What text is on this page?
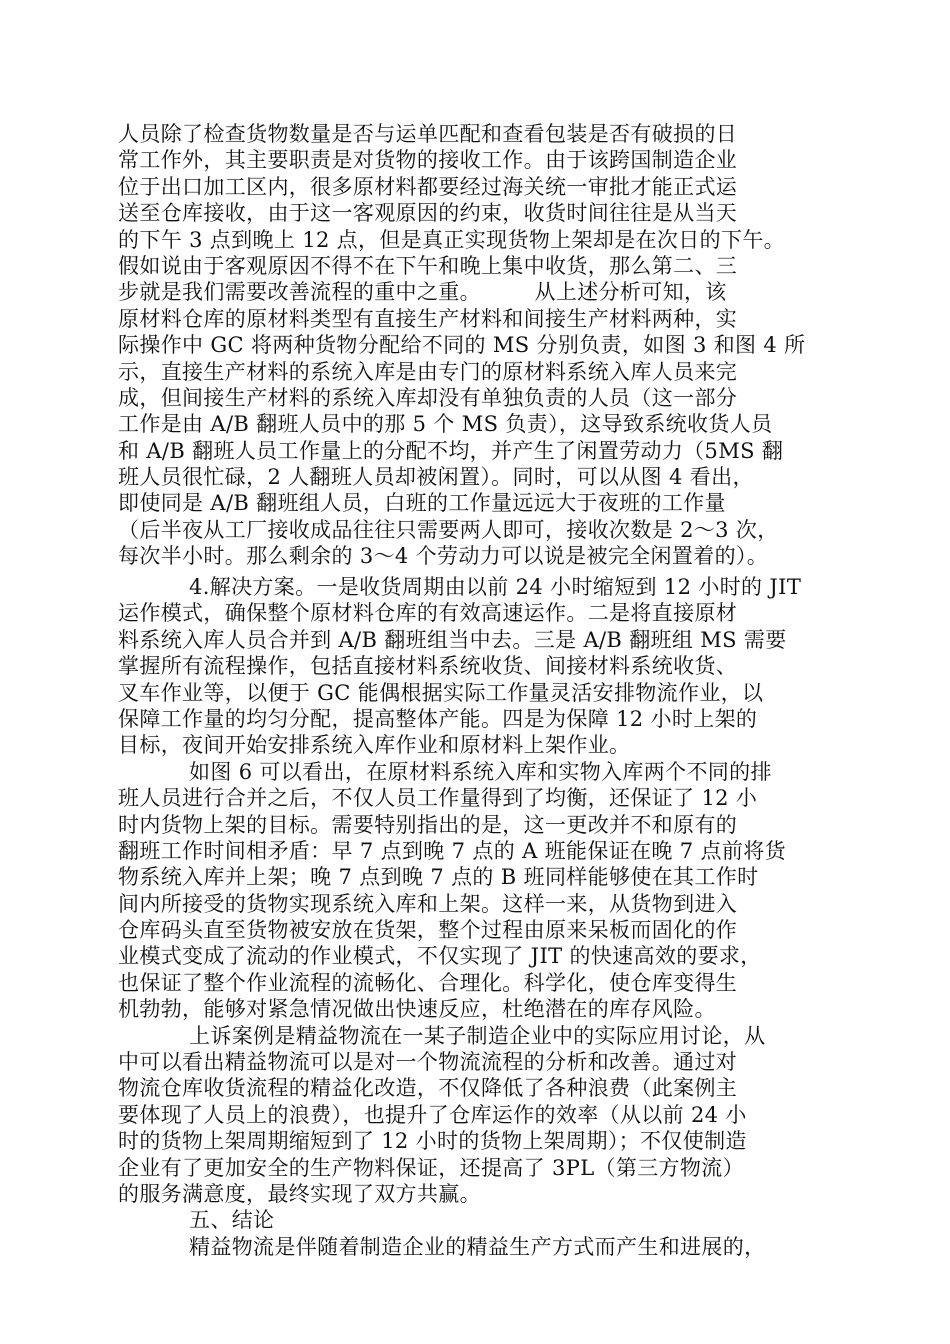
人员除了检查货物数量是否与运单匹配和查看包装是否有破损的日
常工作外，其主要职责是对货物的接收工作。由于该跨国制造企业
位于出口加工区内，很多原材料都要经过海关统一审批才能正式运
送至仓库接收，由于这一客观原因的约束，收货时间往往是从当天
的下午 3 点到晚上 12 点，但是真正实现货物上架却是在次日的下午。
假如说由于客观原因不得不在下午和晚上集中收货，那么第二、三
步就是我们需要改善流程的重中之重。　　　从上述分析可知，该
原材料仓库的原材料类型有直接生产材料和间接生产材料两种，实
际操作中 GC 将两种货物分配给不同的 MS 分别负责，如图 3 和图 4 所
示，直接生产材料的系统入库是由专门的原材料系统入库人员来完
成，但间接生产材料的系统入库却没有单独负责的人员（这一部分
工作是由 A/B 翻班人员中的那 5 个 MS 负责），这导致系统收货人员
和 A/B 翻班人员工作量上的分配不均，并产生了闲置劳动力（5MS 翻
班人员很忙碌，2 人翻班人员却被闲置）。同时，可以从图 4 看出，
即使同是 A/B 翻班组人员，白班的工作量远远大于夜班的工作量
（后半夜从工厂接收成品往往只需要两人即可，接收次数是 2～3 次，
每次半小时。那么剩余的 3～4 个劳动力可以说是被完全闲置着的）。
4.解决方案。一是收货周期由以前 24 小时缩短到 12 小时的 JIT
运作模式，确保整个原材料仓库的有效高速运作。二是将直接原材
料系统入库人员合并到 A/B 翻班组当中去。三是 A/B 翻班组 MS 需要
掌握所有流程操作，包括直接材料系统收货、间接材料系统收货、
叉车作业等，以便于 GC 能偶根据实际工作量灵活安排物流作业，以
保障工作量的均匀分配，提高整体产能。四是为保障 12 小时上架的
目标，夜间开始安排系统入库作业和原材料上架作业。
如图 6 可以看出，在原材料系统入库和实物入库两个不同的排
班人员进行合并之后，不仅人员工作量得到了均衡，还保证了 12 小
时内货物上架的目标。需要特别指出的是，这一更改并不和原有的
翻班工作时间相矛盾：早 7 点到晚 7 点的 A 班能保证在晚 7 点前将货
物系统入库并上架；晚 7 点到晚 7 点的 B 班同样能够使在其工作时
间内所接受的货物实现系统入库和上架。这样一来，从货物到进入
仓库码头直至货物被安放在货架，整个过程由原来呆板而固化的作
业模式变成了流动的作业模式，不仅实现了 JIT 的快速高效的要求，
也保证了整个作业流程的流畅化、合理化。科学化，使仓库变得生
机勃勃，能够对紧急情况做出快速反应，杜绝潜在的库存风险。
上诉案例是精益物流在一某子制造企业中的实际应用讨论，从
中可以看出精益物流可以是对一个物流流程的分析和改善。通过对
物流仓库收货流程的精益化改造，不仅降低了各种浪费（此案例主
要体现了人员上的浪费），也提升了仓库运作的效率（从以前 24 小
时的货物上架周期缩短到了 12 小时的货物上架周期）；不仅使制造
企业有了更加安全的生产物料保证，还提高了 3PL（第三方物流）
的服务满意度，最终实现了双方共赢。
五、结论
精益物流是伴随着制造企业的精益生产方式而产生和进展的，
